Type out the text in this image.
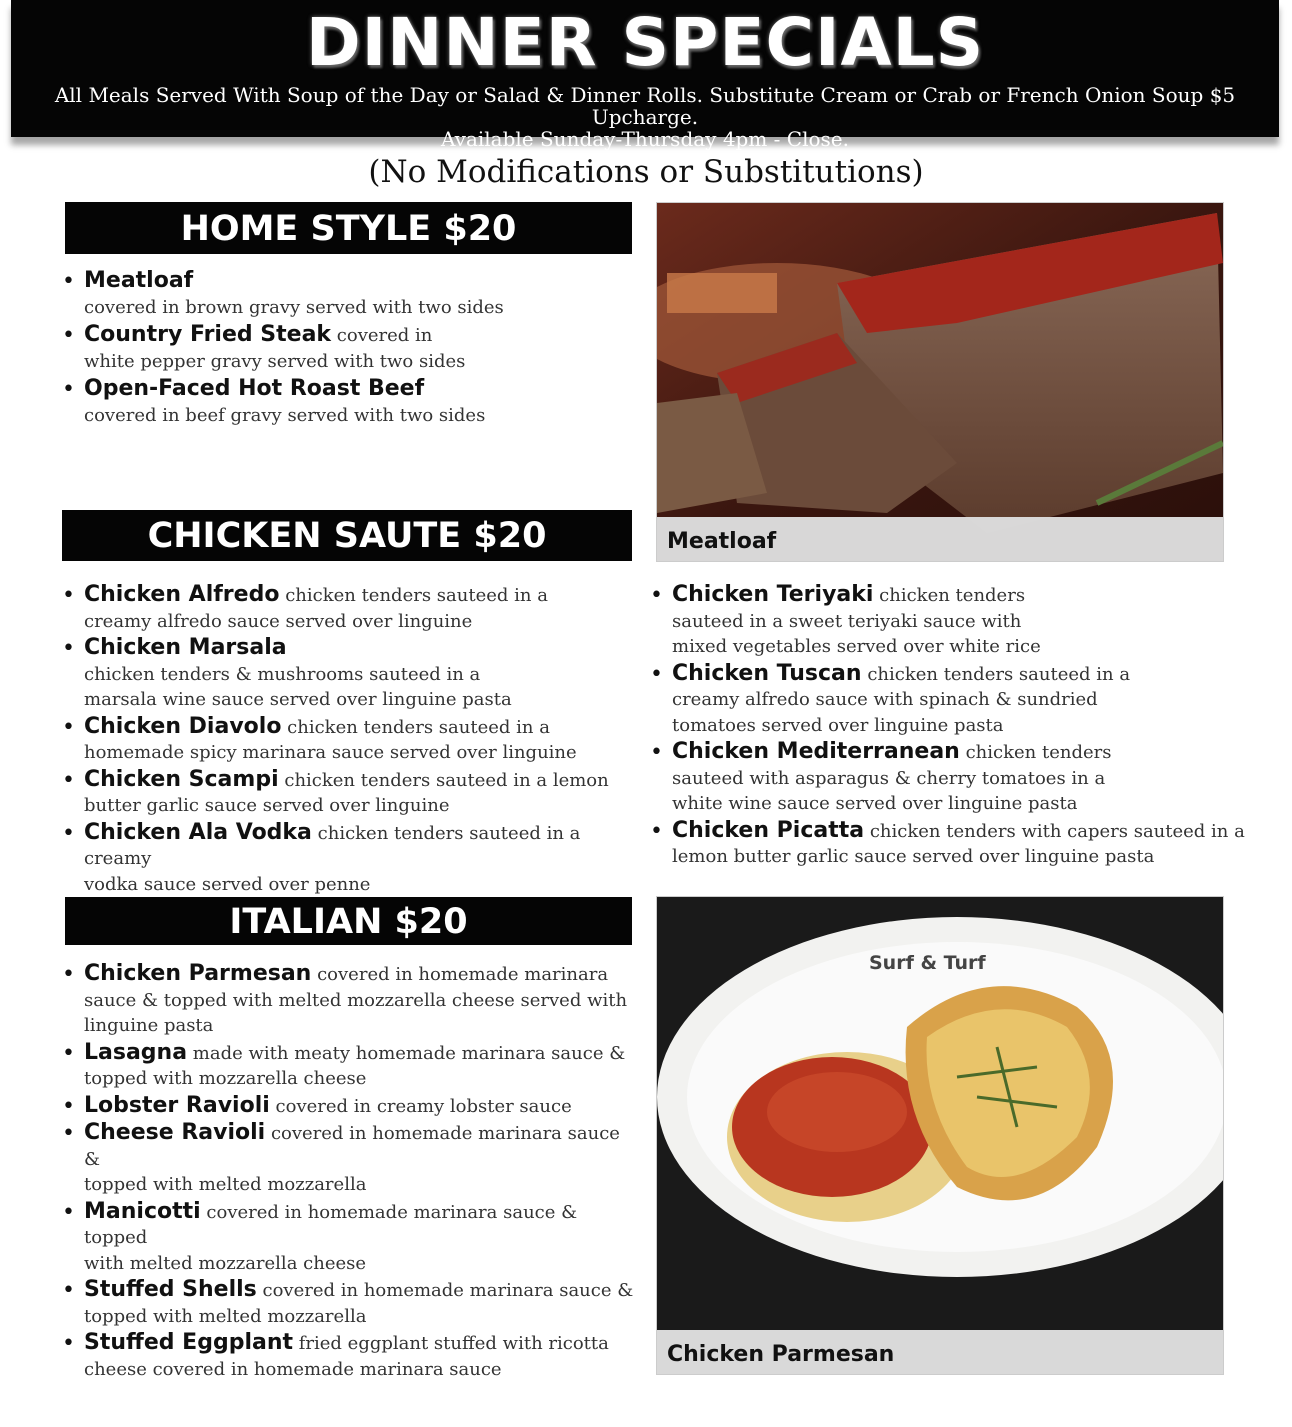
DINNER SPECIALS
All Meals Served With Soup of the Day or Salad & Dinner Rolls. Substitute Cream or Crab or French Onion Soup $5 Upcharge.
Available Sunday-Thursday 4pm - Close.
(No Modifications or Substitutions)
HOME STYLE $20
• Meatloaf
covered in brown gravy served with two sides
• Country Fried Steak covered in
white pepper gravy served with two sides
• Open-Faced Hot Roast Beef
covered in beef gravy served with two sides
Meatloaf
CHICKEN SAUTE $20
• Chicken Alfredo chicken tenders sauteed in a
creamy alfredo sauce served over linguine
• Chicken Marsala
chicken tenders & mushrooms sauteed in a
marsala wine sauce served over linguine pasta
• Chicken Diavolo chicken tenders sauteed in a
homemade spicy marinara sauce served over linguine
• Chicken Scampi chicken tenders sauteed in a lemon
butter garlic sauce served over linguine
• Chicken Ala Vodka chicken tenders sauteed in a creamy
vodka sauce served over penne
• Chicken Teriyaki chicken tenders
sauteed in a sweet teriyaki sauce with
mixed vegetables served over white rice
• Chicken Tuscan chicken tenders sauteed in a
creamy alfredo sauce with spinach & sundried
tomatoes served over linguine pasta
• Chicken Mediterranean chicken tenders
sauteed with asparagus & cherry tomatoes in a
white wine sauce served over linguine pasta
• Chicken Picatta chicken tenders with capers sauteed in a
lemon butter garlic sauce served over linguine pasta
ITALIAN $20
• Chicken Parmesan covered in homemade marinara
sauce & topped with melted mozzarella cheese served with
linguine pasta
• Lasagna made with meaty homemade marinara sauce &
topped with mozzarella cheese
• Lobster Ravioli covered in creamy lobster sauce
• Cheese Ravioli covered in homemade marinara sauce &
topped with melted mozzarella
• Manicotti covered in homemade marinara sauce & topped
with melted mozzarella cheese
• Stuffed Shells covered in homemade marinara sauce &
topped with melted mozzarella
• Stuffed Eggplant fried eggplant stuffed with ricotta
cheese covered in homemade marinara sauce
Surf & Turf
Chicken Parmesan
